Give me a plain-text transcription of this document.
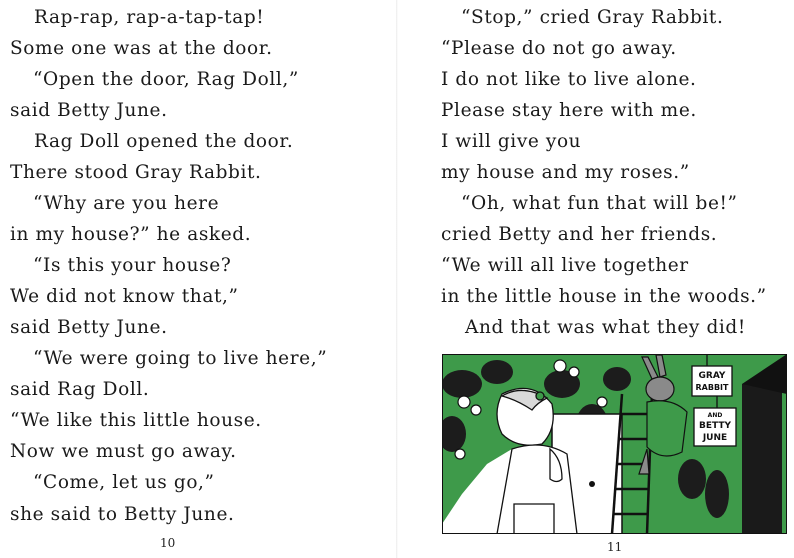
Rap-rap, rap-a-tap-tap!
Some one was at the door.
“Open the door, Rag Doll,”
said Betty June.
Rag Doll opened the door.
There stood Gray Rabbit.
“Why are you here
in my house?” he asked.
“Is this your house?
We did not know that,”
said Betty June.
“We were going to live here,”
said Rag Doll.
“We like this little house.
Now we must go away.
“Come, let us go,”
she said to Betty June.
10
“Stop,” cried Gray Rabbit.
“Please do not go away.
I do not like to live alone.
Please stay here with me.
I will give you
my house and my roses.”
“Oh, what fun that will be!”
cried Betty and her friends.
“We will all live together
in the little house in the woods.”
And that was what they did!
11
GRAY
RABBIT
AND
BETTY
JUNE
